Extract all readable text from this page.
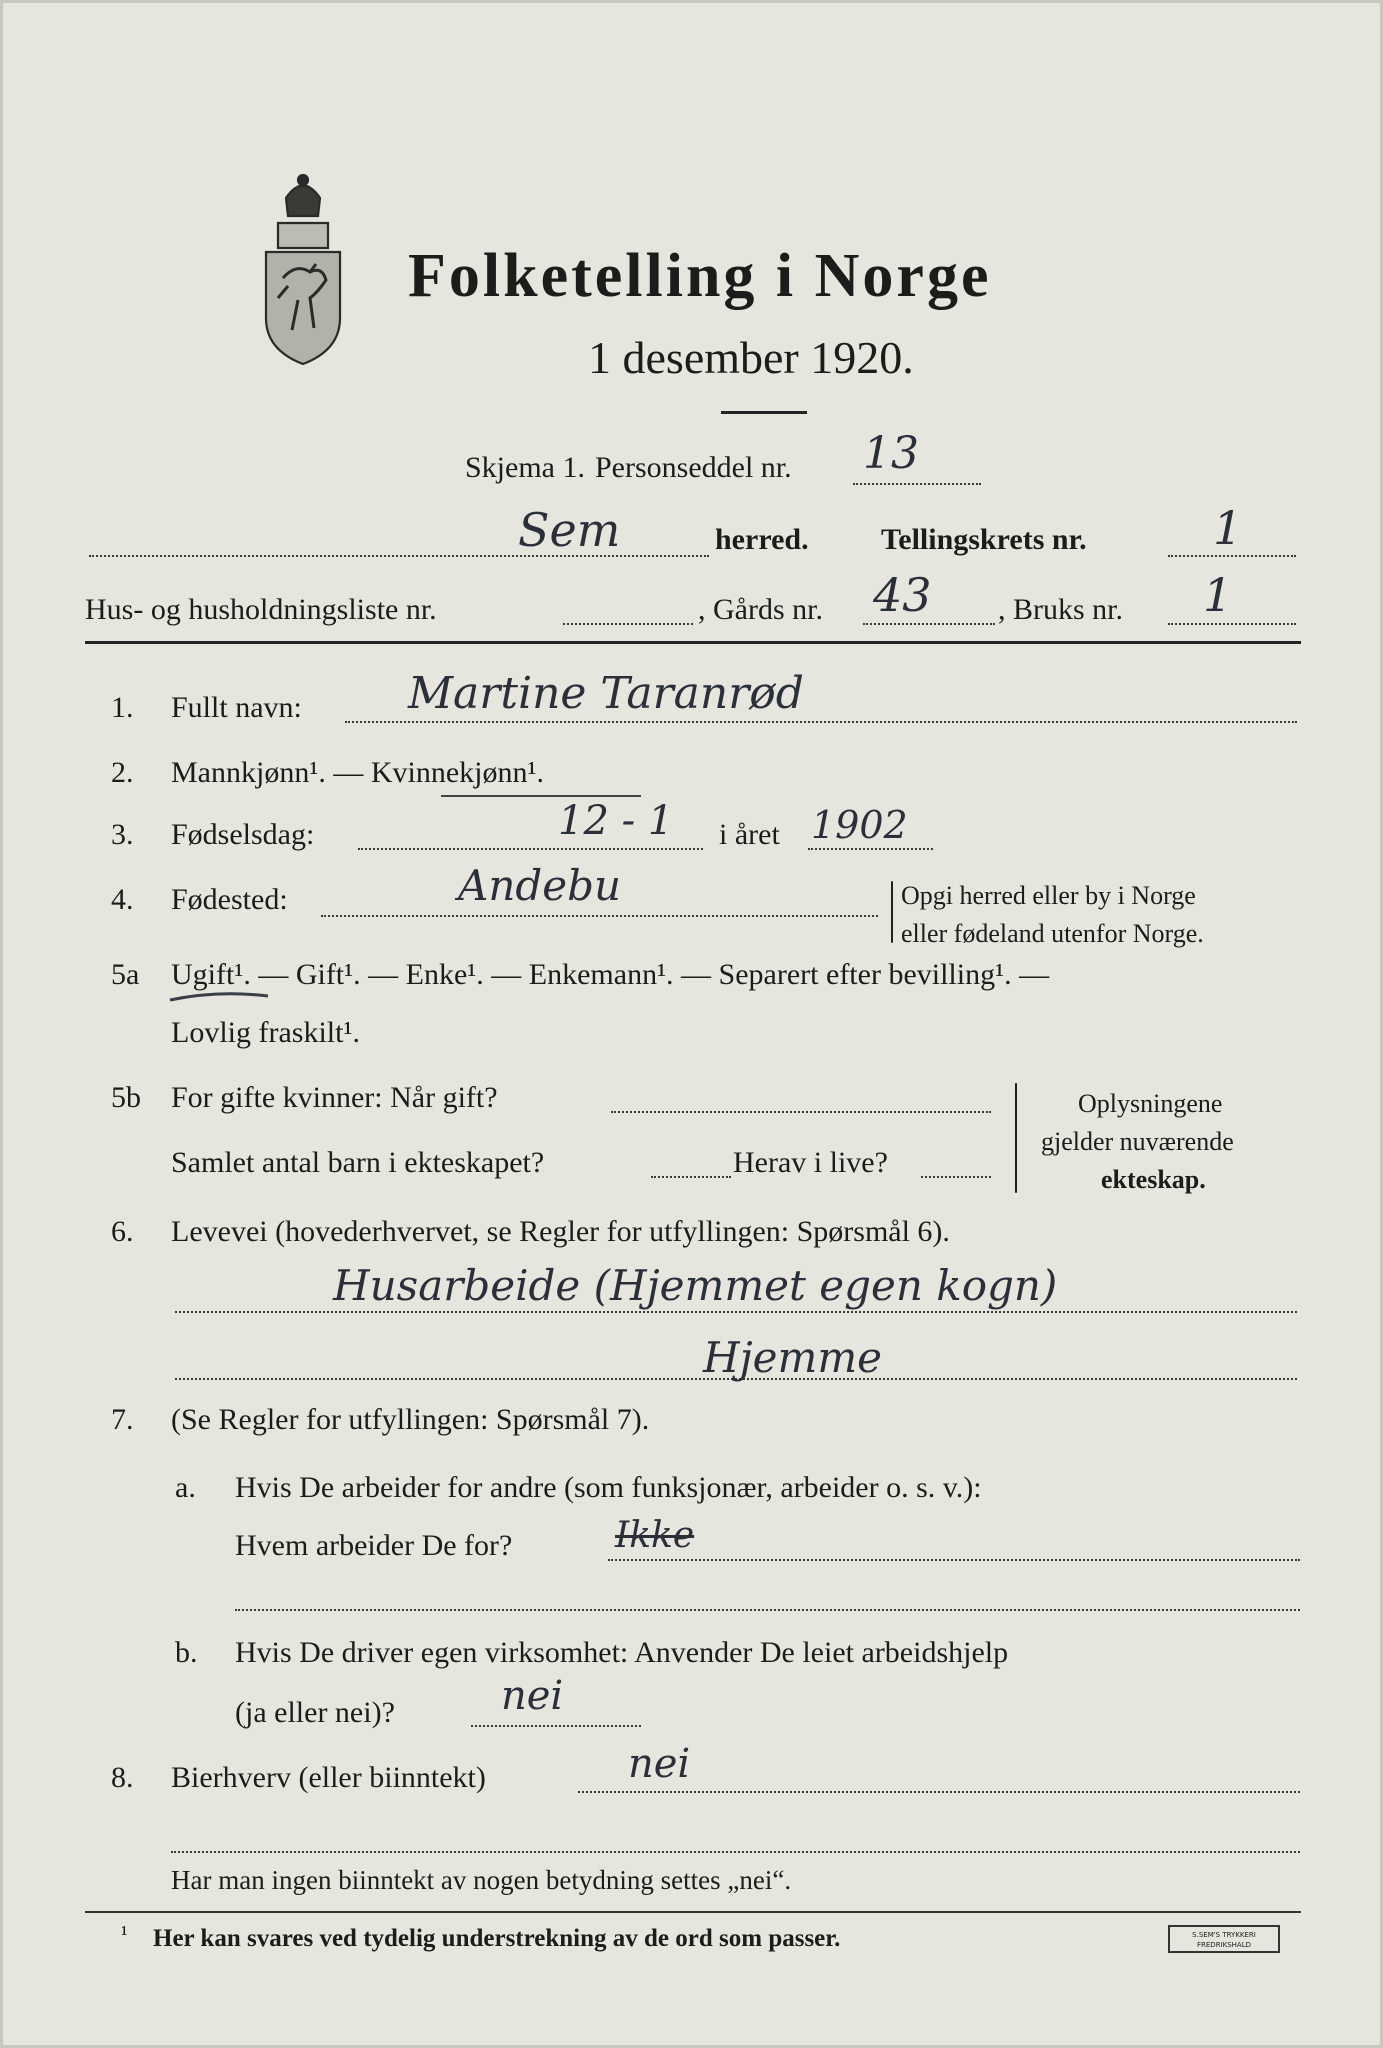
Folketelling i Norge
1 desember 1920.
Skjema 1. Personseddel nr. 13
Sem	herred. Tellingskrets nr.	1
Hus- og husholdningsliste nr.	, Gårds nr. 43 , Bruks nr. 1
1. Fullt navn: Martine Taranrød
2. Mannkjønn¹. — Kvinnekjønn¹.
3. Fødselsdag:	12 - 1 i året 1902
4. Fødested:	Andebu	Opgi herred eller by i Norge
eller fødeland utenfor Norge.
5a Ugift¹. — Gift¹. — Enke¹. — Enkemann¹. — Separert efter bevilling¹. —
Lovlig fraskilt¹.
5b For gifte kvinner: Når gift?
Samlet antal barn i ekteskapet?	Herav i live?
Oplysningene
gjelder nuværende
ekteskap.
6. Levevei (hovederhvervet, se Regler for utfyllingen: Spørsmål 6).
Husarbeide (Hjemmet egen kogn)
Hjemme
7. (Se Regler for utfyllingen: Spørsmål 7).
a. Hvis De arbeider for andre (som funksjonær, arbeider o. s. v.):
Hvem arbeider De for?	Ikke
b. Hvis De driver egen virksomhet: Anvender De leiet arbeidshjelp
(ja eller nei)?	nei
8. Bierhverv (eller biinntekt)	nei
Har man ingen biinntekt av nogen betydning settes „nei“.
¹ Her kan svares ved tydelig understrekning av de ord som passer.	S.SEM'S TRYKKERI FREDRIKSHALD
